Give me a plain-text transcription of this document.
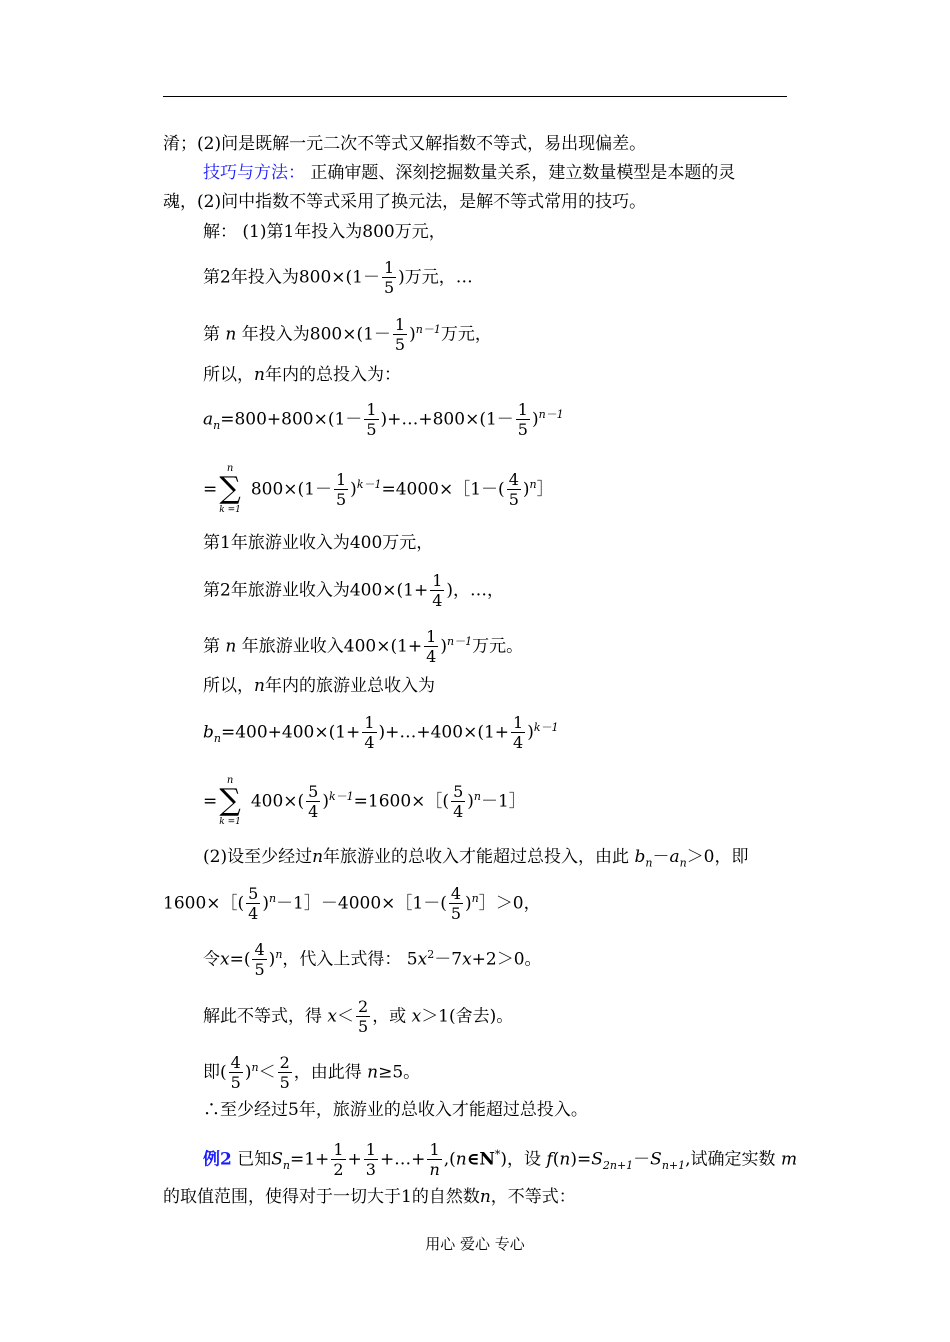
淆；(2)问是既解一元二次不等式又解指数不等式，易出现偏差。
技巧与方法： 正确审题、深刻挖掘数量关系，建立数量模型是本题的灵
魂，(2)问中指数不等式采用了换元法，是解不等式常用的技巧。
解： (1)第1年投入为800万元，
第2年投入为$800\times(1- \frac{1}{5}$ )万元，…
第 n 年投入为$800\times(1- \frac{1}{5} )^{n-1}$万元，
所以，n年内的总投入为：
$a_n=800+800\times(1- \frac{1}{5}$ )+…+800×(1－ $\frac{1}{5} )^{n-1}$
=
n
∑
k =1
$800\times(1- \frac{1}{5}$ )$^{k-1}=4000\times[1-( \frac{4}{5}$ )$^n$］
第1年旅游业收入为400万元，
第2年旅游业收入为$400\times(1+ \frac{1}{4}$ )，…，
第 n 年旅游业收入$400\times(1+ \frac{1}{4} )^{n-1}$万元。
所以，n年内的旅游业总收入为
$b_n=400+400\times(1+ \frac{1}{4}$ )+…+400×(1+ $\frac{1}{4} )^{k-1}$
=
n
∑
k =1
$400\times( \frac{5}{4}$ )$^{k-1}=1600\times[( \frac{5}{4}$ )$^n$－1］
(2)设至少经过n年旅游业的总收入才能超过总投入，由此 $b_n-a_n>0$，即
1600×［( $\frac{5}{4}$ )$^n$－1］－4000×［1－( $\frac{4}{5}$ )$^n$］＞0，
令$x=( \frac{4}{5} )^n$，代入上式得： $5x^2-7x+2>0$。
解此不等式，得 $x< \frac{2}{5}$ ，或 x＞1(舍去)。
即( $\frac{4}{5} )^n< \frac{2}{5}$ ，由此得 n≥5。
∴至少经过5年，旅游业的总收入才能超过总投入。
例2 已知$S_n=1+ \frac{1}{2} + \frac{1}{3}$ +…+ $\frac{1}{n}$ ,(n∈N*)，设 $f(n)=S_{2n+1}-S_{n+1}$,试确定实数 m
的取值范围，使得对于一切大于1的自然数n，不等式：
用心 爱心 专心
